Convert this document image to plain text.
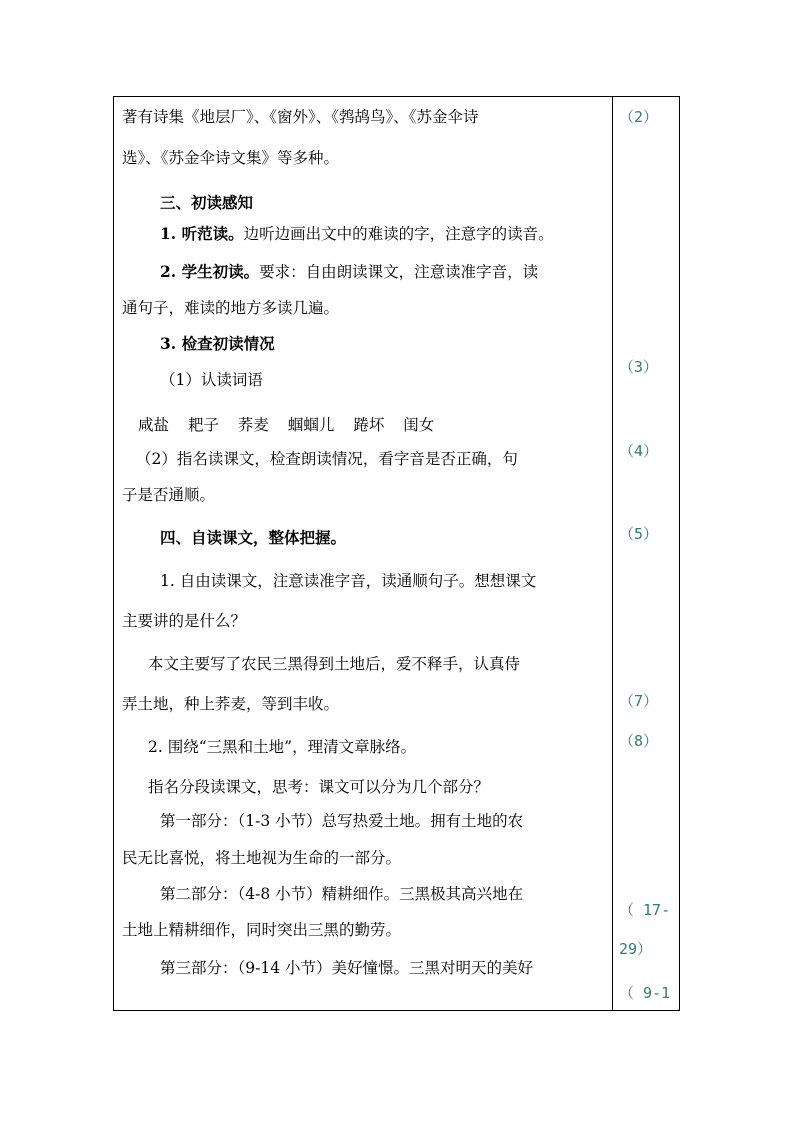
著有诗集《地层厂》、《窗外》、《鹁鸪鸟》、《苏金伞诗
选》、《苏金伞诗文集》等多种。
三、初读感知
1. 听范读。边听边画出文中的难读的字，注意字的读音。
2. 学生初读。要求：自由朗读课文，注意读准字音，读
通句子，难读的地方多读几遍。
3. 检查初读情况
（1）认读词语
咸盐 耙子 荞麦 蝈蝈儿 踡坏 闺女
（2）指名读课文，检查朗读情况，看字音是否正确，句
子是否通顺。
四、自读课文，整体把握。
1. 自由读课文，注意读准字音，读通顺句子。想想课文
主要讲的是什么？
本文主要写了农民三黑得到土地后，爱不释手，认真侍
弄土地，种上荞麦，等到丰收。
2. 围绕“三黑和土地”，理清文章脉络。
指名分段读课文，思考：课文可以分为几个部分？
第一部分：（1-3 小节）总写热爱土地。拥有土地的农
民无比喜悦，将土地视为生命的一部分。
第二部分：（4-8 小节）精耕细作。三黑极其高兴地在
土地上精耕细作，同时突出三黑的勤劳。
第三部分：（9-14 小节）美好憧憬。三黑对明天的美好
（2）
（3）
（4）
（5）
（7）
（8）
（ 17-
29）
（ 9-1
